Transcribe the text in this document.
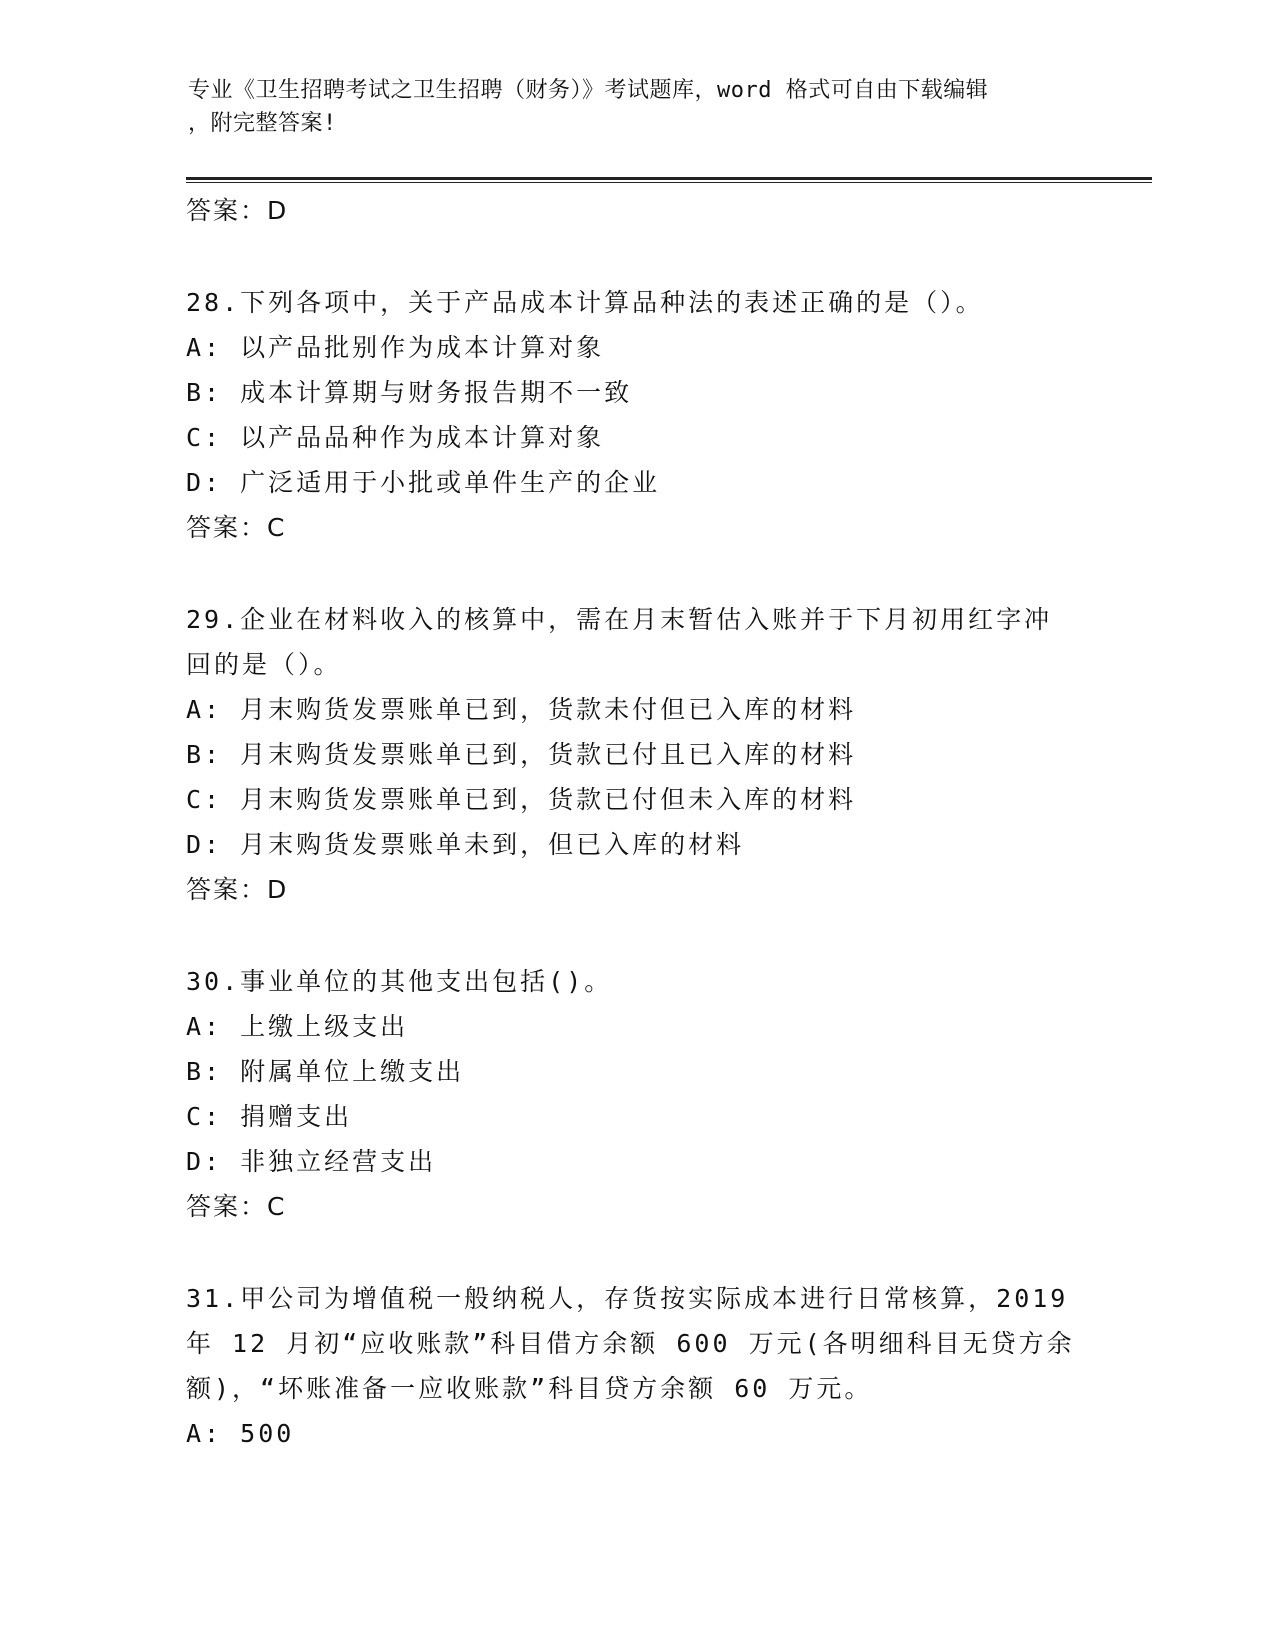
专业《卫生招聘考试之卫生招聘（财务）》考试题库，word 格式可自由下载编辑
，附完整答案!
答案：D
28.下列各项中，关于产品成本计算品种法的表述正确的是（）。
A: 以产品批别作为成本计算对象
B: 成本计算期与财务报告期不一致
C: 以产品品种作为成本计算对象
D: 广泛适用于小批或单件生产的企业
答案：C
29.企业在材料收入的核算中，需在月末暂估入账并于下月初用红字冲
回的是（）。
A: 月末购货发票账单已到，货款未付但已入库的材料
B: 月末购货发票账单已到，货款已付且已入库的材料
C: 月末购货发票账单已到，货款已付但未入库的材料
D: 月末购货发票账单未到，但已入库的材料
答案：D
30.事业单位的其他支出包括()。
A: 上缴上级支出
B: 附属单位上缴支出
C: 捐赠支出
D: 非独立经营支出
答案：C
31.甲公司为增值税一般纳税人，存货按实际成本进行日常核算，2019
年 12 月初“应收账款”科目借方余额 600 万元(各明细科目无贷方余
额)，“坏账准备一应收账款”科目贷方余额 60 万元。
A: 500
